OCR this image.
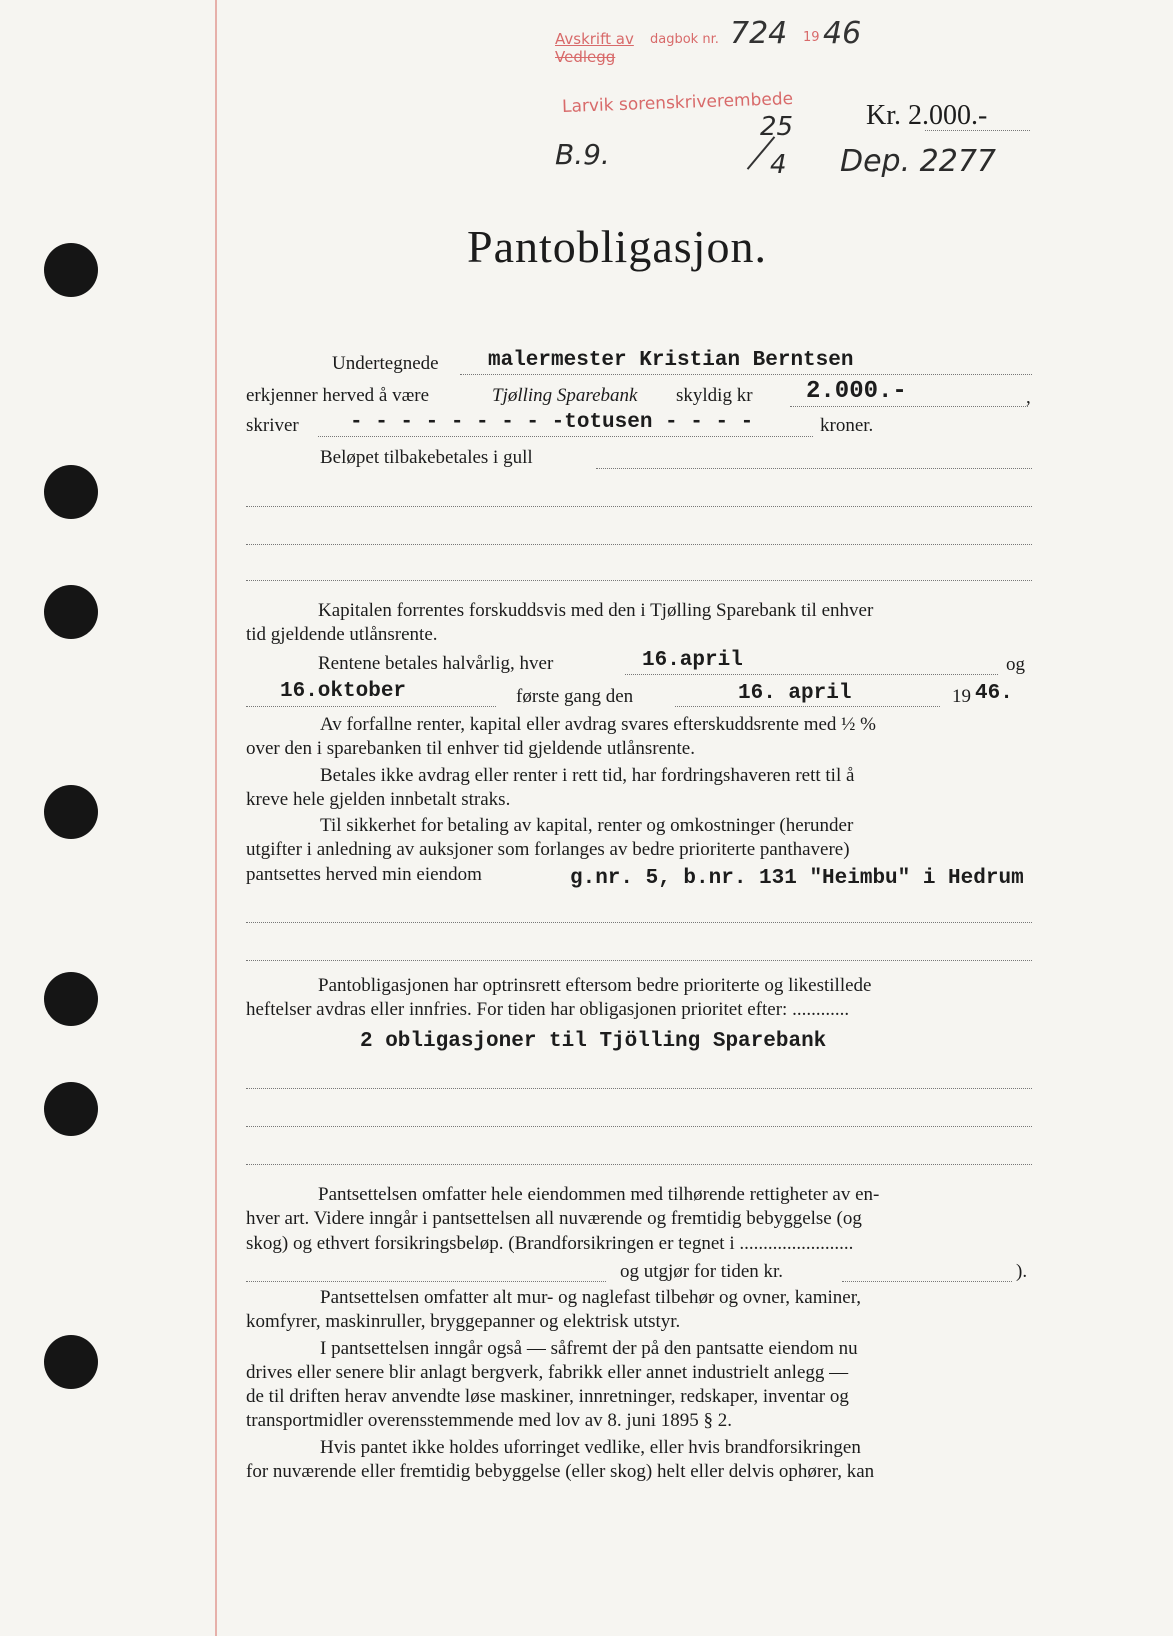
Avskrift av
Vedlegg
dagbok nr. 724 19 46
Larvik sorenskriverembede
B.9.
25
4 Dep. 2277
Kr. 2.000.-
Pantobligasjon.
Undertegnede malermester Kristian Berntsen
erkjenner herved å være	Tjølling Sparebank skyldig kr 2.000.-	,
skriver - - - - - - - - -totusen - - - -	kroner.
Beløpet tilbakebetales i gull
Kapitalen forrentes forskuddsvis med den i Tjølling Sparebank til enhver
tid gjeldende utlånsrente.
Rentene betales halvårlig, hver	16.april	og
16.oktober	første gang den	16. april	19 46.
Av forfallne renter, kapital eller avdrag svares efterskuddsrente med ½ %
over den i sparebanken til enhver tid gjeldende utlånsrente.
Betales ikke avdrag eller renter i rett tid, har fordringshaveren rett til å
kreve hele gjelden innbetalt straks.
Til sikkerhet for betaling av kapital, renter og omkostninger (herunder
utgifter i anledning av auksjoner som forlanges av bedre prioriterte panthavere)
pantsettes herved min eiendom	g.nr. 5, b.nr. 131 "Heimbu" i Hedrum
Pantobligasjonen har optrinsrett eftersom bedre prioriterte og likestillede
heftelser avdras eller innfries. For tiden har obligasjonen prioritet efter: ............
2 obligasjoner til Tjölling Sparebank
Pantsettelsen omfatter hele eiendommen med tilhørende rettigheter av en-
hver art. Videre inngår i pantsettelsen all nuværende og fremtidig bebyggelse (og
skog) og ethvert forsikringsbeløp. (Brandforsikringen er tegnet i ........................
og utgjør for tiden kr.	).
Pantsettelsen omfatter alt mur- og naglefast tilbehør og ovner, kaminer,
komfyrer, maskinruller, bryggepanner og elektrisk utstyr.
I pantsettelsen inngår også — såfremt der på den pantsatte eiendom nu
drives eller senere blir anlagt bergverk, fabrikk eller annet industrielt anlegg —
de til driften herav anvendte løse maskiner, innretninger, redskaper, inventar og
transportmidler overensstemmende med lov av 8. juni 1895 § 2.
Hvis pantet ikke holdes uforringet vedlike, eller hvis brandforsikringen
for nuværende eller fremtidig bebyggelse (eller skog) helt eller delvis ophører, kan
